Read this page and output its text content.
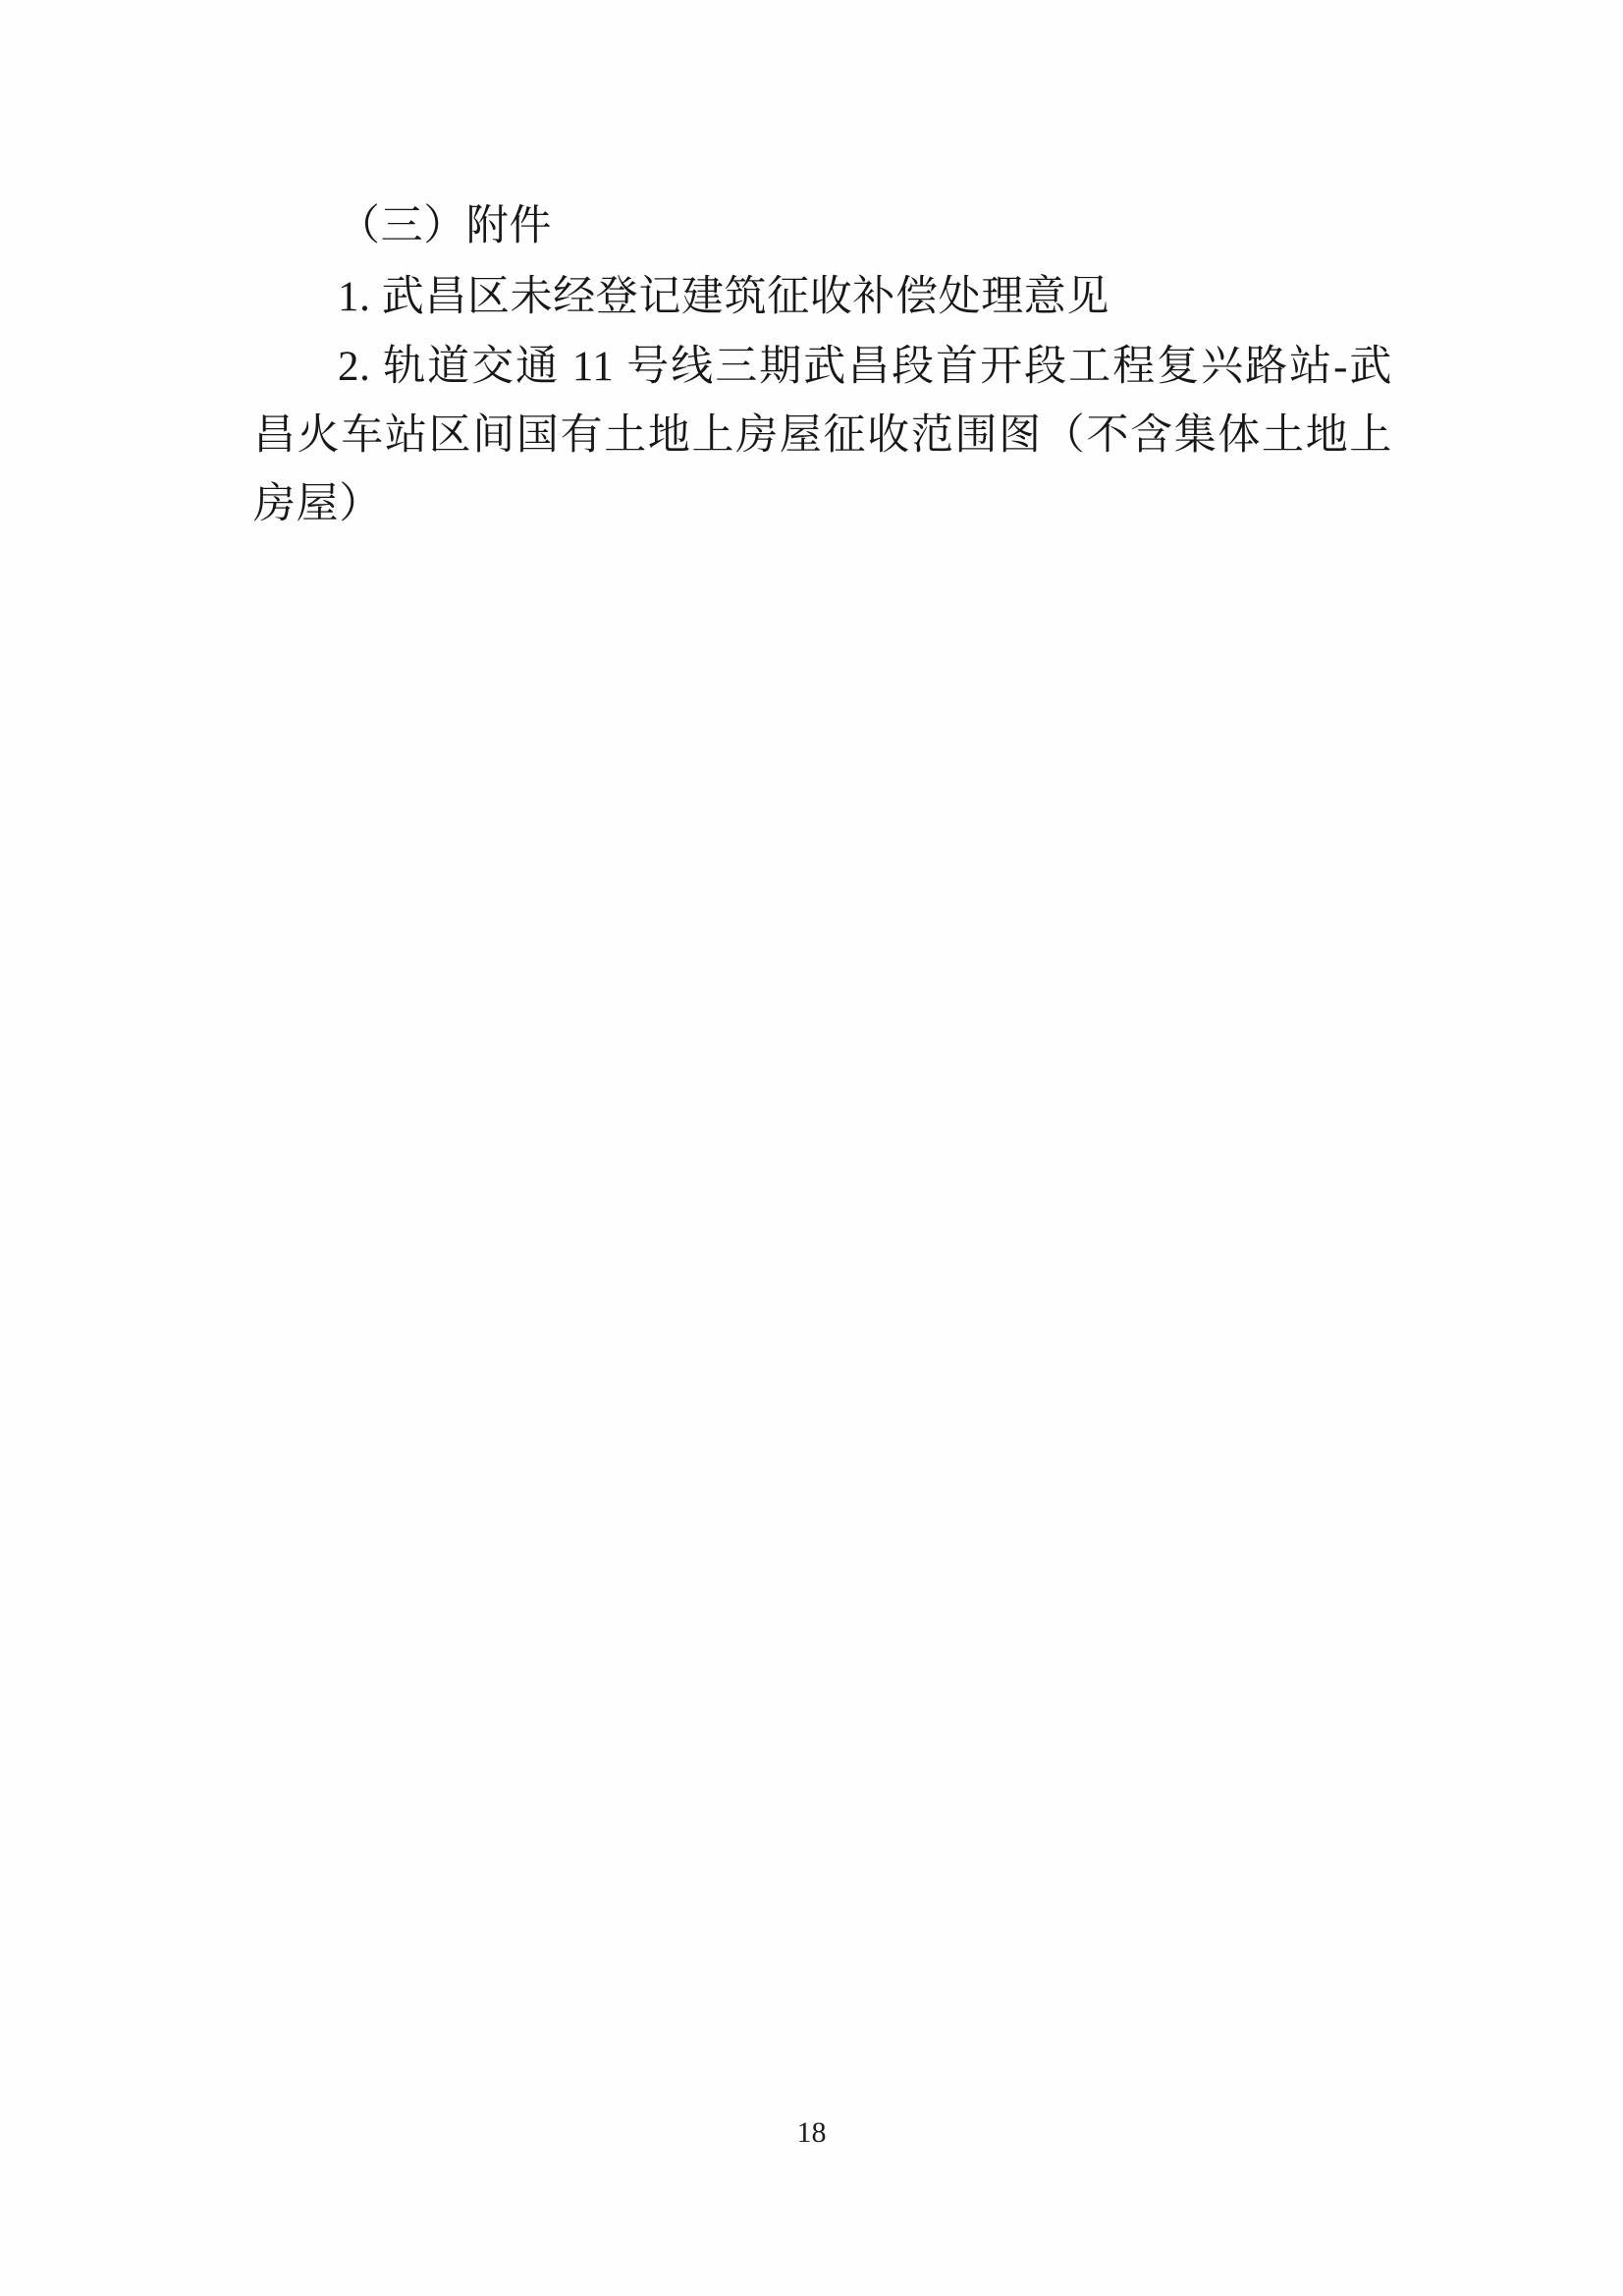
（三）附件

1. 武昌区未经登记建筑征收补偿处理意见

2. 轨道交通 11 号线三期武昌段首开段工程复兴路站-武昌火车站区间国有土地上房屋征收范围图（不含集体土地上房屋）

18
